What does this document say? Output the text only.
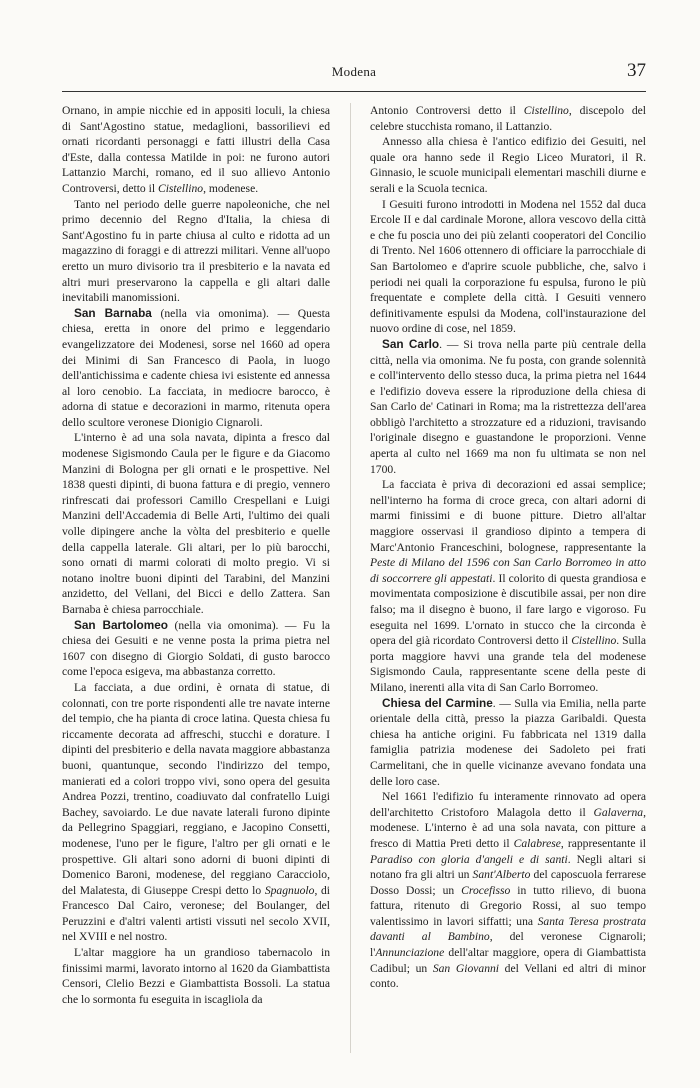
Modena	37

Ornano, in ampie nicchie ed in appositi loculi, la chiesa di Sant'Agostino statue, medaglioni, bassorilievi ed ornati ricordanti personaggi e fatti illustri della Casa d'Este, dalla contessa Matilde in poi: ne furono autori Lattanzio Marchi, romano, ed il suo allievo Antonio Controversi, detto il Cistellino, modenese.

Tanto nel periodo delle guerre napoleoniche, che nel primo decennio del Regno d'Italia, la chiesa di Sant'Agostino fu in parte chiusa al culto e ridotta ad un magazzino di foraggi e di attrezzi militari. Venne all'uopo eretto un muro divisorio tra il presbiterio e la navata ed altri muri preservarono la cappella e gli altari dalle inevitabili manomissioni.

San Barnaba (nella via omonima). — Questa chiesa, eretta in onore del primo e leggendario evangelizzatore dei Modenesi, sorse nel 1660 ad opera dei Minimi di San Francesco di Paola, in luogo dell'antichissima e cadente chiesa ivi esistente ed annessa al loro cenobio. La facciata, in mediocre barocco, è adorna di statue e decorazioni in marmo, ritenuta opera dello scultore veronese Dionigio Cignaroli.

L'interno è ad una sola navata, dipinta a fresco dal modenese Sigismondo Caula per le figure e da Giacomo Manzini di Bologna per gli ornati e le prospettive. Nel 1838 questi dipinti, di buona fattura e di pregio, vennero rinfrescati dai professori Camillo Crespellani e Luigi Manzini dell'Accademia di Belle Arti, l'ultimo dei quali volle dipingere anche la vòlta del presbiterio e quelle della cappella laterale. Gli altari, per lo più barocchi, sono ornati di marmi colorati di molto pregio. Vi si notano inoltre buoni dipinti del Tarabini, del Manzini anzidetto, del Vellani, del Bicci e dello Zattera. San Barnaba è chiesa parrocchiale.

San Bartolomeo (nella via omonima). — Fu la chiesa dei Gesuiti e ne venne posta la prima pietra nel 1607 con disegno di Giorgio Soldati, di gusto barocco come l'epoca esigeva, ma abbastanza corretto.

La facciata, a due ordini, è ornata di statue, di colonnati, con tre porte rispondenti alle tre navate interne del tempio, che ha pianta di croce latina. Questa chiesa fu riccamente decorata ad affreschi, stucchi e dorature. I dipinti del presbiterio e della navata maggiore abbastanza buoni, quantunque, secondo l'indirizzo del tempo, manierati ed a colori troppo vivi, sono opera del gesuita Andrea Pozzi, trentino, coadiuvato dal confratello Luigi Bachey, savoiardo. Le due navate laterali furono dipinte da Pellegrino Spaggiari, reggiano, e Jacopino Consetti, modenese, l'uno per le figure, l'altro per gli ornati e le prospettive. Gli altari sono adorni di buoni dipinti di Domenico Baroni, modenese, del reggiano Caracciolo, del Malatesta, di Giuseppe Crespi detto lo Spagnuolo, di Francesco Dal Cairo, veronese; del Boulanger, del Peruzzini e d'altri valenti artisti vissuti nel secolo XVII, nel XVIII e nel nostro.

L'altar maggiore ha un grandioso tabernacolo in finissimi marmi, lavorato intorno al 1620 da Giambattista Censori, Clelio Bezzi e Giambattista Bossoli. La statua che lo sormonta fu eseguita in iscagliola da

Antonio Controversi detto il Cistellino, discepolo del celebre stucchista romano, il Lattanzio.

Annesso alla chiesa è l'antico edifizio dei Gesuiti, nel quale ora hanno sede il Regio Liceo Muratori, il R. Ginnasio, le scuole municipali elementari maschili diurne e serali e la Scuola tecnica.

I Gesuiti furono introdotti in Modena nel 1552 dal duca Ercole II e dal cardinale Morone, allora vescovo della città e che fu poscia uno dei più zelanti cooperatori del Concilio di Trento. Nel 1606 ottennero di officiare la parrocchiale di San Bartolomeo e d'aprire scuole pubbliche, che, salvo i periodi nei quali la corporazione fu espulsa, furono le più frequentate e complete della città. I Gesuiti vennero definitivamente espulsi da Modena, coll'instaurazione del nuovo ordine di cose, nel 1859.

San Carlo. — Si trova nella parte più centrale della città, nella via omonima. Ne fu posta, con grande solennità e coll'intervento dello stesso duca, la prima pietra nel 1644 e l'edifizio doveva essere la riproduzione della chiesa di San Carlo de' Catinari in Roma; ma la ristrettezza dell'area obbligò l'architetto a strozzature ed a riduzioni, travisando l'originale disegno e guastandone le proporzioni. Venne aperta al culto nel 1669 ma non fu ultimata se non nel 1700.

La facciata è priva di decorazioni ed assai semplice; nell'interno ha forma di croce greca, con altari adorni di marmi finissimi e di buone pitture. Dietro all'altar maggiore osservasi il grandioso dipinto a tempera di Marc'Antonio Franceschini, bolognese, rappresentante la Peste di Milano del 1596 con San Carlo Borromeo in atto di soccorrere gli appestati. Il colorito di questa grandiosa e movimentata composizione è discutibile assai, per non dire falso; ma il disegno è buono, il fare largo e vigoroso. Fu eseguita nel 1699. L'ornato in stucco che la circonda è opera del già ricordato Controversi detto il Cistellino. Sulla porta maggiore havvi una grande tela del modenese Sigismondo Caula, rappresentante scene della peste di Milano, inerenti alla vita di San Carlo Borromeo.

Chiesa del Carmine. — Sulla via Emilia, nella parte orientale della città, presso la piazza Garibaldi. Questa chiesa ha antiche origini. Fu fabbricata nel 1319 dalla famiglia patrizia modenese dei Sadoleto pei frati Carmelitani, che in quelle vicinanze avevano fondata una delle loro case.

Nel 1661 l'edifizio fu interamente rinnovato ad opera dell'architetto Cristoforo Malagola detto il Galaverna, modenese. L'interno è ad una sola navata, con pitture a fresco di Mattia Preti detto il Calabrese, rappresentante il Paradiso con gloria d'angeli e di santi. Negli altari si notano fra gli altri un Sant'Alberto del caposcuola ferrarese Dosso Dossi; un Crocefisso in tutto rilievo, di buona fattura, ritenuto di Gregorio Rossi, al suo tempo valentissimo in lavori siffatti; una Santa Teresa prostrata davanti al Bambino, del veronese Cignaroli; l'Annunciazione dell'altar maggiore, opera di Giambattista Cadibul; un San Giovanni del Vellani ed altri di minor conto.
